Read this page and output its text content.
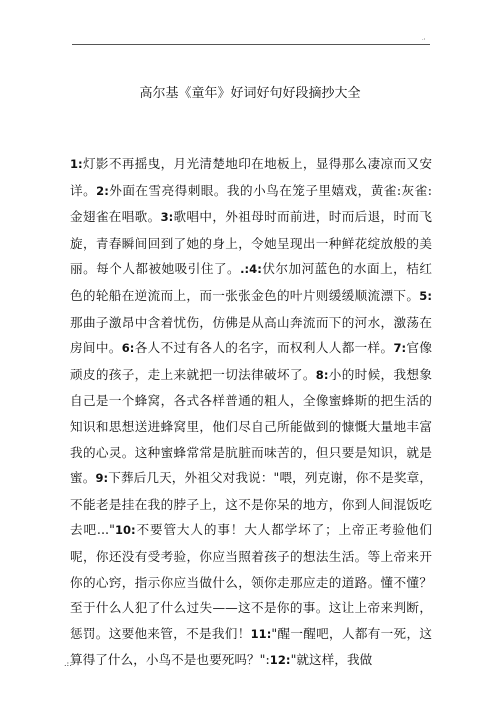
.:
高尔基《童年》好词好句好段摘抄大全
1:灯影不再摇曳，月光清楚地印在地板上，显得那么凄凉而又安详。2:外面在雪亮得刺眼。我的小鸟在笼子里嬉戏，黄雀:灰雀:金翅雀在唱歌。3:歌唱中，外祖母时而前进，时而后退，时而飞旋，青春瞬间回到了她的身上，令她呈现出一种鲜花绽放般的美丽。每个人都被她吸引住了。.:4:伏尔加河蓝色的水面上，桔红色的轮船在逆流而上，而一张张金色的叶片则缓缓顺流漂下。5:那曲子激昂中含着忧伤，仿佛是从高山奔流而下的河水，激荡在房间中。6:各人不过有各人的名字，而权利人人都一样。7:官像顽皮的孩子，走上来就把一切法律破坏了。8:小的时候，我想象自己是一个蜂窝，各式各样普通的粗人，全像蜜蜂斯的把生活的知识和思想送进蜂窝里，他们尽自己所能做到的慷慨大量地丰富我的心灵。这种蜜蜂常常是肮脏而味苦的，但只要是知识，就是蜜。9:下葬后几天，外祖父对我说："喂，列克谢，你不是奖章，不能老是挂在我的脖子上，这不是你呆的地方，你到人间混饭吃去吧..."10:不要管大人的事！大人都学坏了；上帝正考验他们呢，你还没有受考验，你应当照着孩子的想法生活。等上帝来开你的心窍，指示你应当做什么，领你走那应走的道路。懂不懂？至于什么人犯了什么过失——这不是你的事。这让上帝来判断，惩罚。这要他来管，不是我们！11:"醒一醒吧，人都有一死，这算得了什么，小鸟不是也要死吗？":12:"就这样，我做
.:.
